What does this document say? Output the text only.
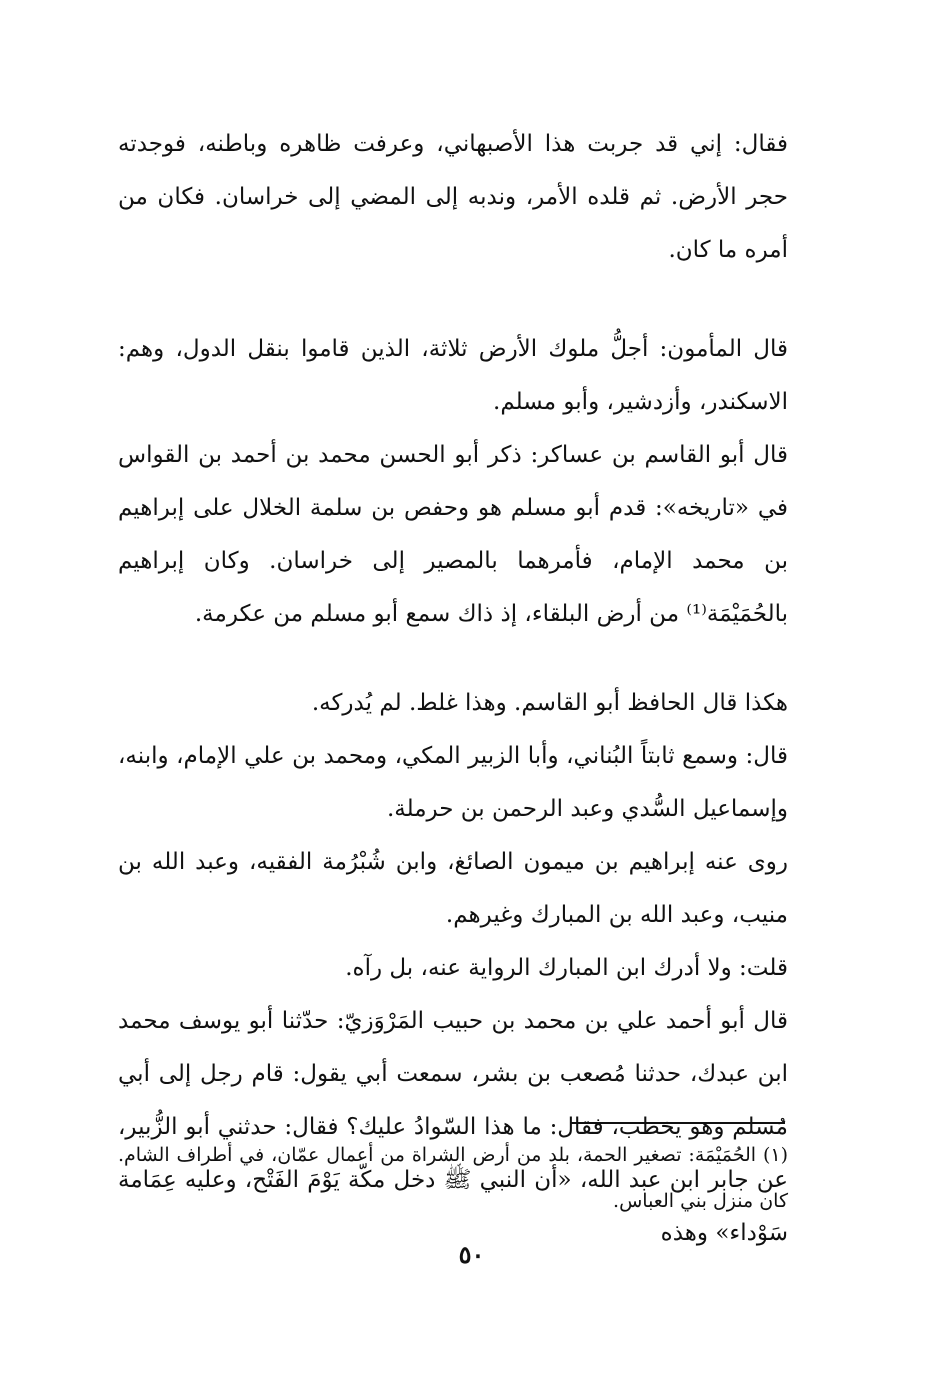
فقال: إني قد جربت هذا الأصبهاني، وعرفت ظاهره وباطنه، فوجدته حجر الأرض. ثم قلده الأمر، وندبه إلى المضي إلى خراسان. فكان من أمره ما كان.

قال المأمون: أجلُّ ملوك الأرض ثلاثة، الذين قاموا بنقل الدول، وهم: الاسكندر، وأزدشير، وأبو مسلم.

قال أبو القاسم بن عساكر: ذكر أبو الحسن محمد بن أحمد بن القواس في «تاريخه»: قدم أبو مسلم هو وحفص بن سلمة الخلال على إبراهيم بن محمد الإمام، فأمرهما بالمصير إلى خراسان. وكان إبراهيم بالحُمَيْمَة⁽¹⁾ من أرض البلقاء، إذ ذاك سمع أبو مسلم من عكرمة.

هكذا قال الحافظ أبو القاسم. وهذا غلط. لم يُدركه.

قال: وسمع ثابتاً البُناني، وأبا الزبير المكي، ومحمد بن علي الإمام، وابنه، وإسماعيل السُّدي وعبد الرحمن بن حرملة.

روى عنه إبراهيم بن ميمون الصائغ، وابن شُبْرُمة الفقيه، وعبد الله بن منيب، وعبد الله بن المبارك وغيرهم.

قلت: ولا أدرك ابن المبارك الرواية عنه، بل رآه.

قال أبو أحمد علي بن محمد بن حبيب المَرْوَزيّ: حدّثنا أبو يوسف محمد ابن عبدك، حدثنا مُصعب بن بشر، سمعت أبي يقول: قام رجل إلى أبي مُسلم وهو يخطب، فقال: ما هذا السّوادُ عليك؟ فقال: حدثني أبو الزُّبير، عن جابر ابن عبد الله، «أن النبي ﷺ دخل مكّة يَوْمَ الفَتْح، وعليه عِمَامة سَوْداء» وهذه

(١) الحُمَيْمَة: تصغير الحمة، بلد من أرض الشراة من أعمال عمّان، في أطراف الشام. كان منزل بني العباس.

٥٠
